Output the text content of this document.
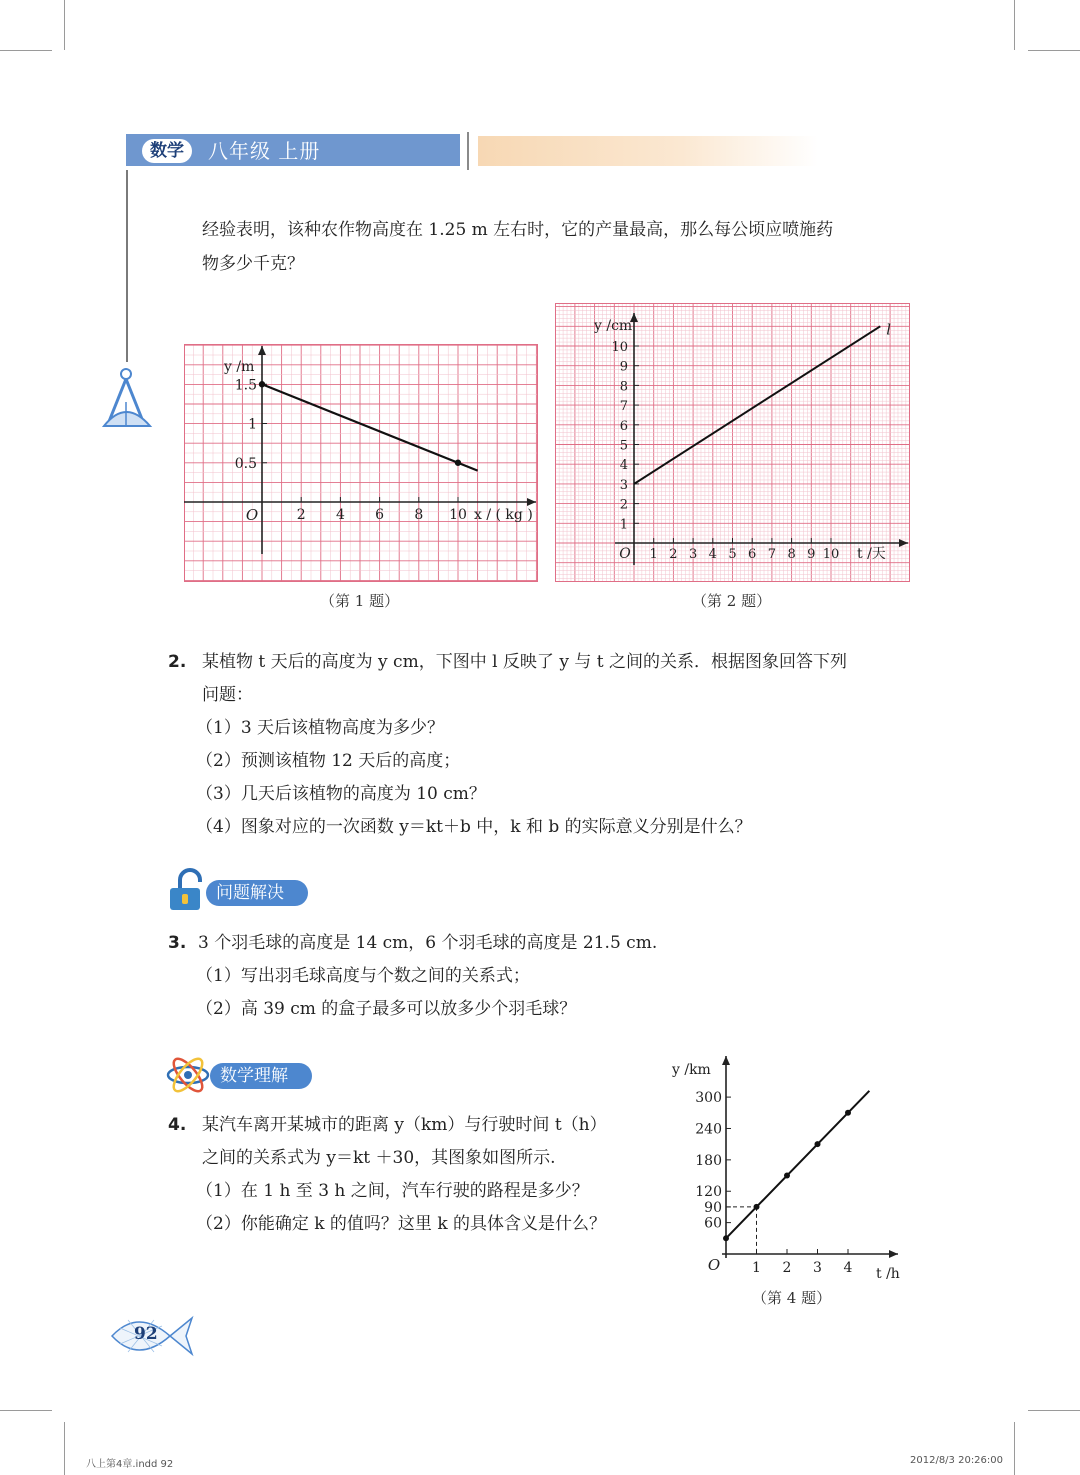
数学	八年级 上册
经验表明，该种农作物高度在 1.25 m 左右时，它的产量最高，那么每公顷应喷施药
物多少千克？
2 4 6 8 10
0.5
1
1.5
O
y /m
x / ( kg )
（第 1 题）
1 2 3 4 5 6 7 8 9 10
1
2
3
4
5
6
7
8
9
10
O
y /cm
t /天
l
（第 2 题）
2. 某植物 t 天后的高度为 y cm，下图中 l 反映了 y 与 t 之间的关系．根据图象回答下列
问题：
（1）3 天后该植物高度为多少？
（2）预测该植物 12 天后的高度；
（3）几天后该植物的高度为 10 cm？
（4）图象对应的一次函数 y＝kt＋b 中，k 和 b 的实际意义分别是什么？
问题解决
3. 3 个羽毛球的高度是 14 cm，6 个羽毛球的高度是 21.5 cm.
（1）写出羽毛球高度与个数之间的关系式；
（2）高 39 cm 的盒子最多可以放多少个羽毛球？
数学理解
4. 某汽车离开某城市的距离 y（km）与行驶时间 t（h）
之间的关系式为 y＝kt ＋30，其图象如图所示.
（1）在 1 h 至 3 h 之间，汽车行驶的路程是多少？
（2）你能确定 k 的值吗？这里 k 的具体含义是什么？
1 2 3 4
60
90
120
180
240
300
O
y /km
t /h
（第 4 题）
92
八上第4章.indd 92	2012/8/3 20:26:00
